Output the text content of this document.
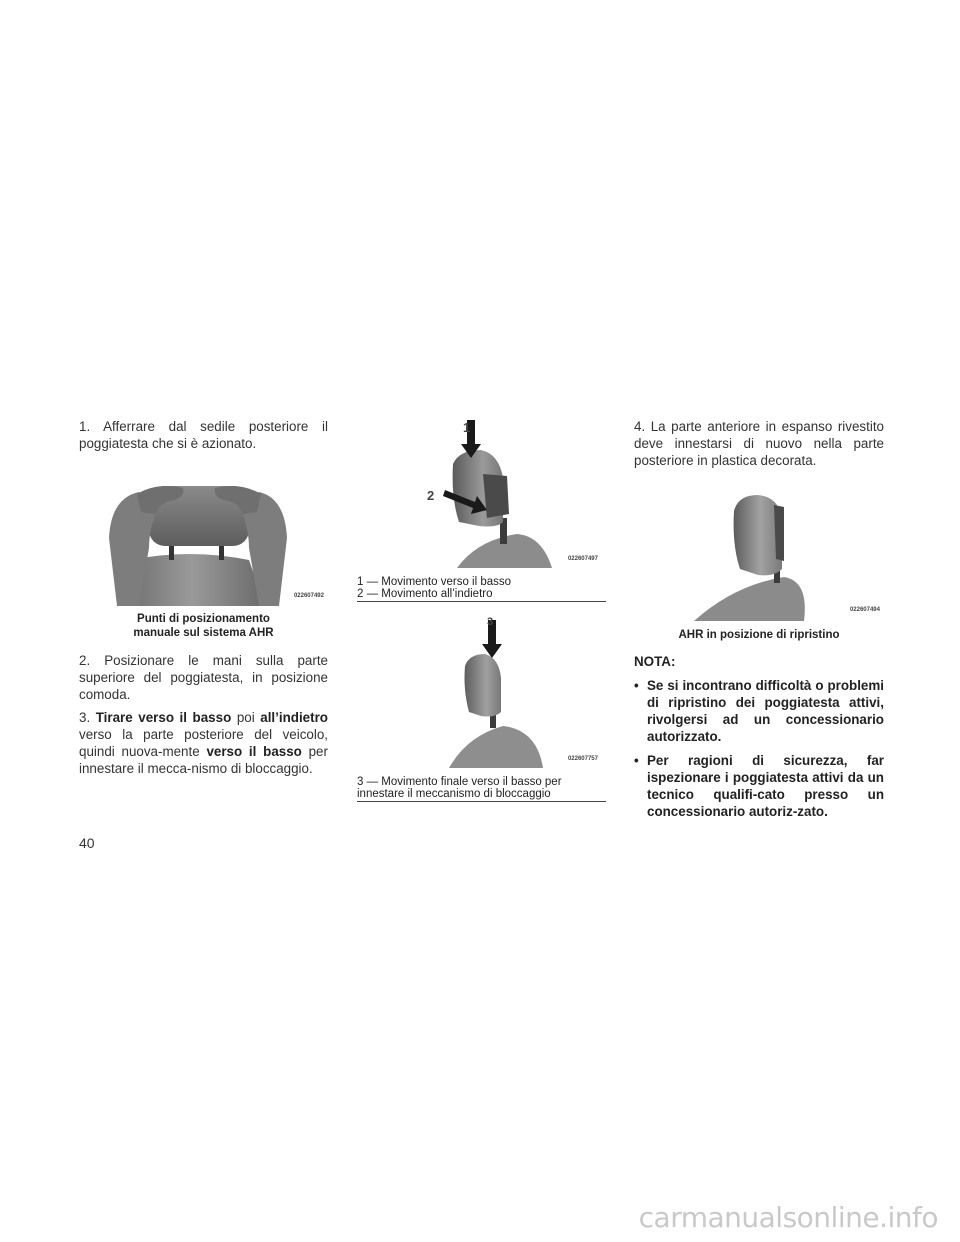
1. Afferrare dal sedile posteriore il poggiatesta che si è azionato.

022607492
Punti di posizionamento
manuale sul sistema AHR

2. Posizionare le mani sulla parte superiore del poggiatesta, in posizione comoda.

3. Tirare verso il basso poi all’indietro verso la parte posteriore del veicolo, quindi nuova-mente verso il basso per innestare il mecca-nismo di bloccaggio.

1
2
022607497
1 — Movimento verso il basso
2 — Movimento all’indietro
3
022607757
3 — Movimento finale verso il basso per
innestare il meccanismo di bloccaggio

4. La parte anteriore in espanso rivestito deve innestarsi di nuovo nella parte posteriore in plastica decorata.

022607494
AHR in posizione di ripristino
NOTA:
• Se si incontrano difficoltà o problemi di ripristino dei poggiatesta attivi, rivolgersi ad un concessionario autorizzato.
• Per ragioni di sicurezza, far ispezionare i poggiatesta attivi da un tecnico qualifi-cato presso un concessionario autoriz-zato.
40
carmanualsonline.info
